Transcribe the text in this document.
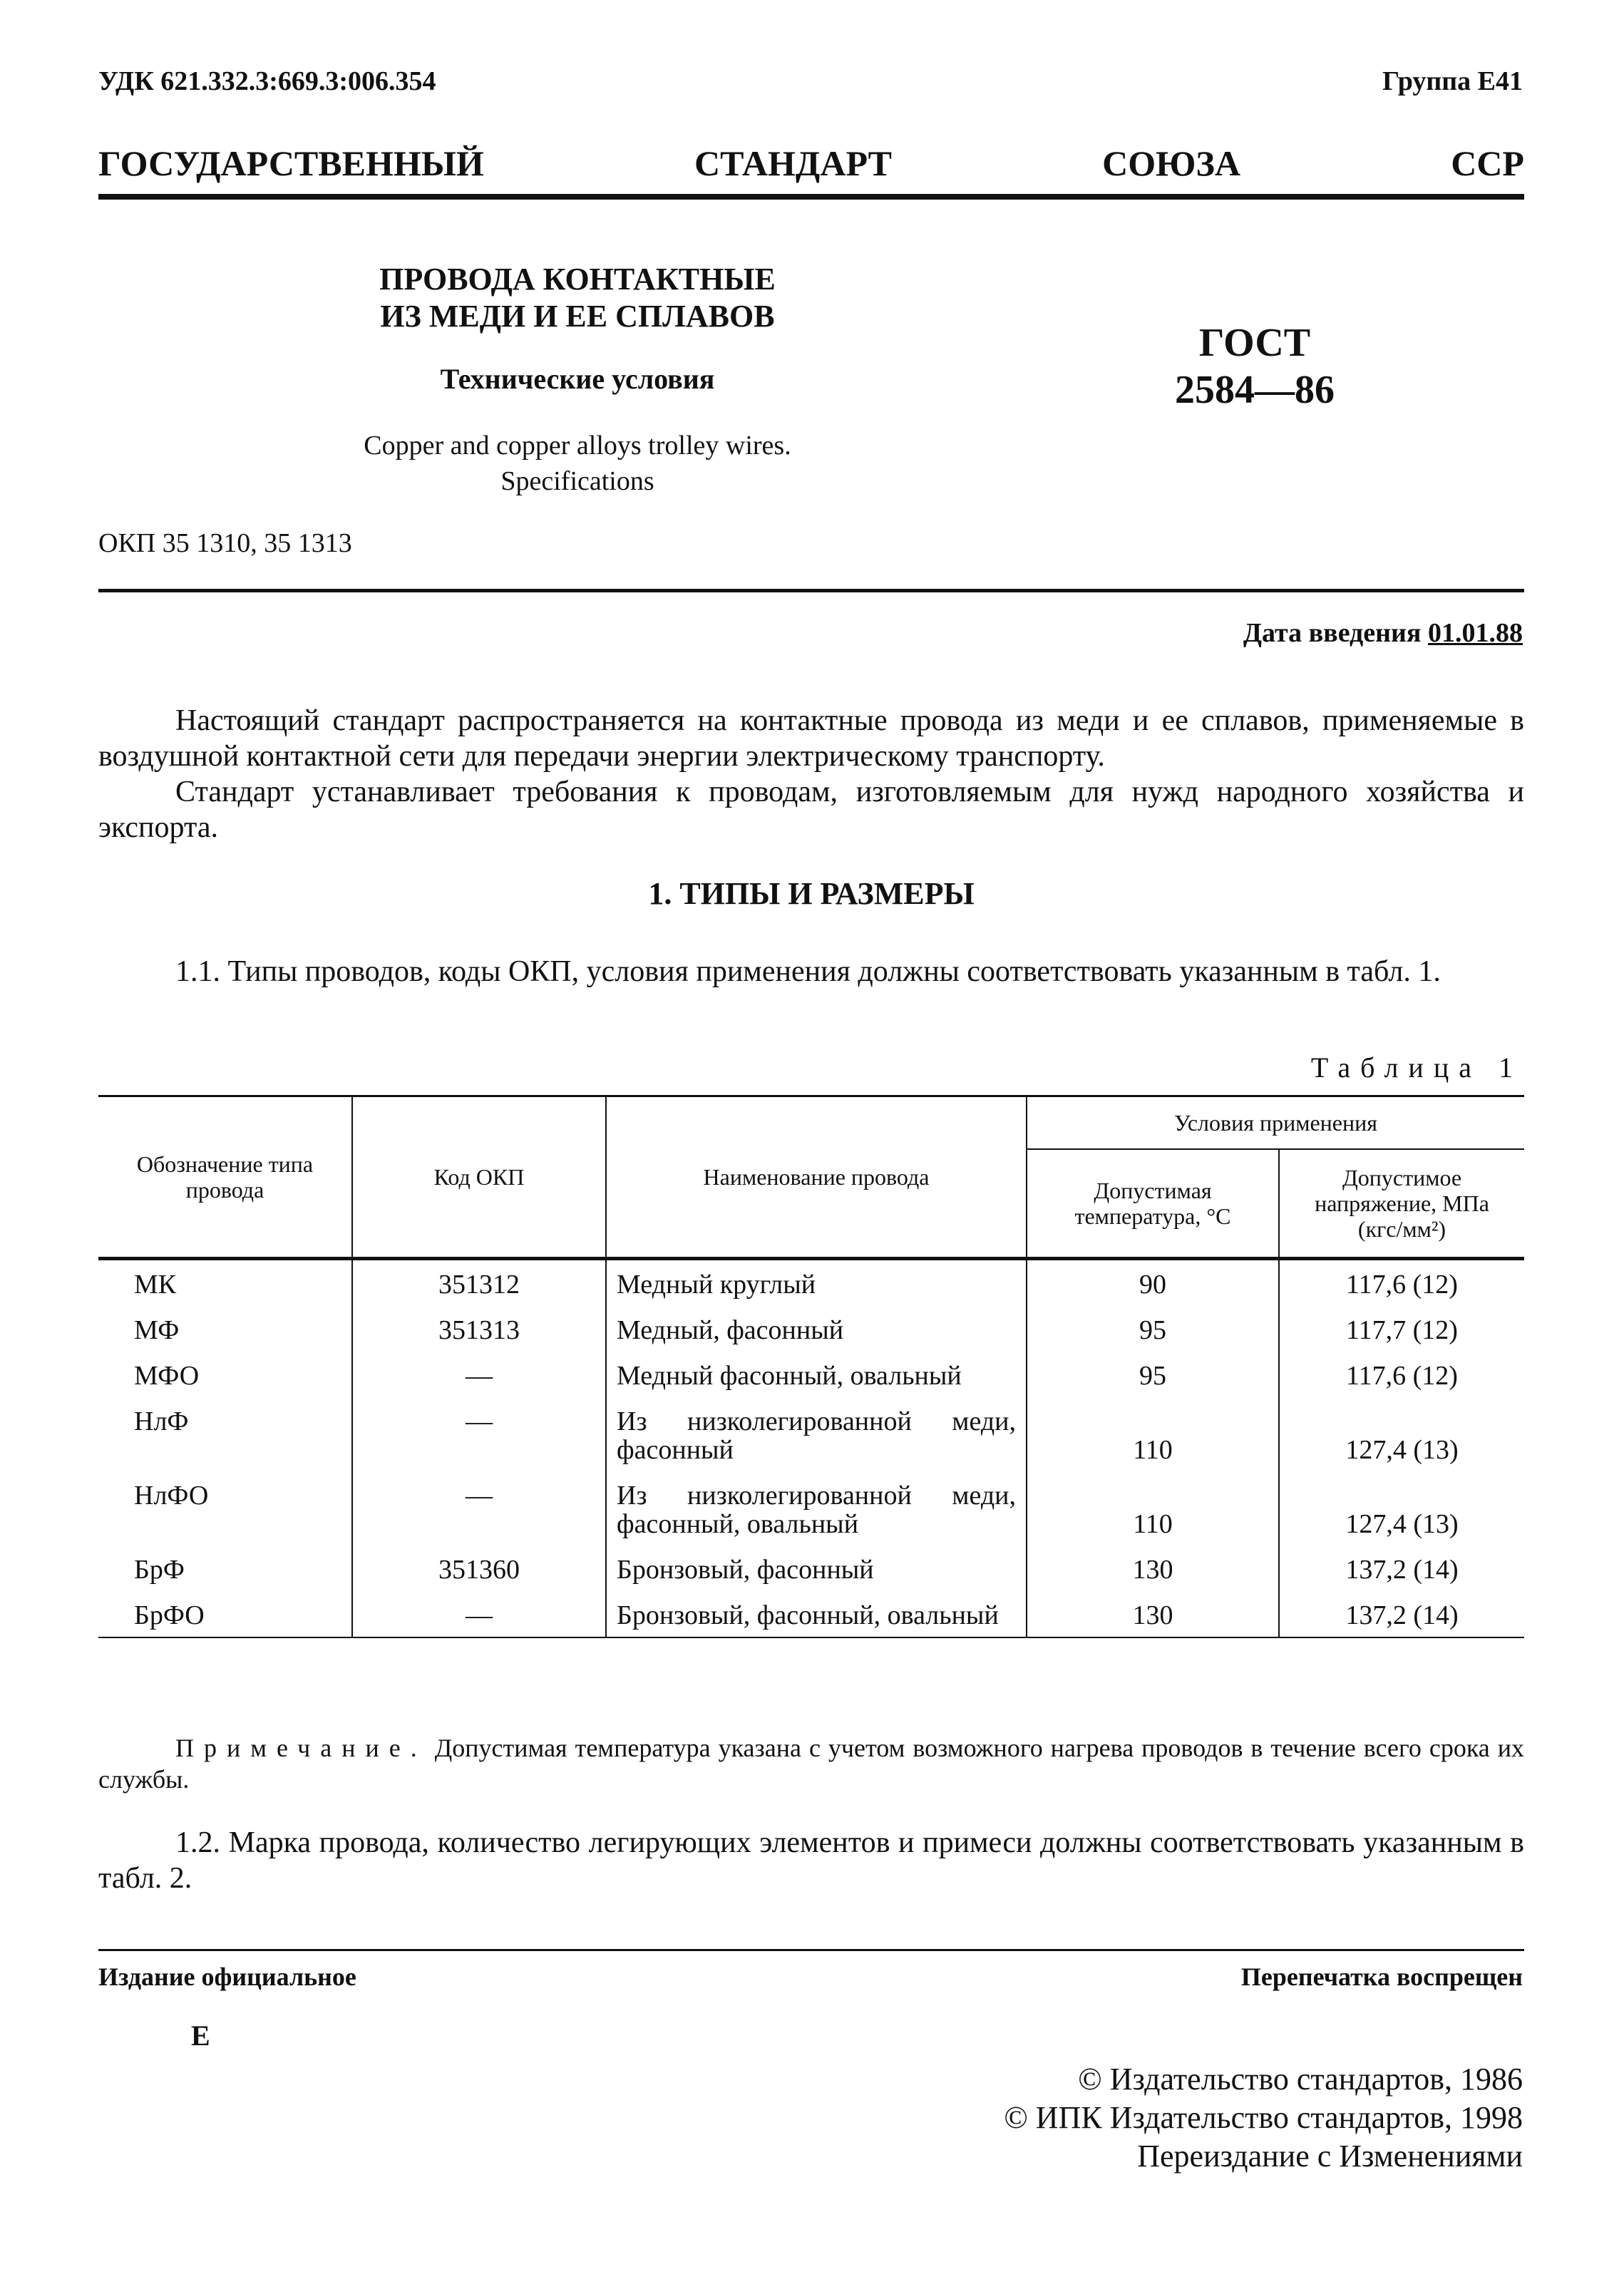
УДК 621.332.3:669.3:006.354	Группа Е41
ГОСУДАРСТВЕННЫЙ	СТАНДАРТ	СОЮЗА	ССР
ПРОВОДА КОНТАКТНЫЕ
ИЗ МЕДИ И ЕЕ СПЛАВОВ
Технические условия
Copper and copper alloys trolley wires.
Specifications
ГОСТ
2584—86
ОКП 35 1310, 35 1313
Дата введения 01.01.88
Настоящий стандарт распространяется на контактные провода из меди и ее сплавов, применяемые в воздушной контактной сети для передачи энергии электрическому транспорту.
Стандарт устанавливает требования к проводам, изготовляемым для нужд народного хозяйства и экспорта.
1. ТИПЫ И РАЗМЕРЫ
1.1. Типы проводов, коды ОКП, условия применения должны соответствовать указанным в табл. 1.
Таблица 1
Обозначение типа провода	Код ОКП	Наименование провода	Условия применения	
			Допустимая температура, °С	Допустимое напряжение, МПа
(кгс/мм²)

МК	351312	Медный круглый	90	117,6 (12)
МФ	351313	Медный, фасонный	95	117,7 (12)
МФО	—	Медный фасонный, овальный	95	117,6 (12)
НлФ	—	Из низколегированной меди, фасонный	110	127,4 (13)
НлФО	—	Из низколегированной меди, фасонный, овальный	110	127,4 (13)
БрФ	351360	Бронзовый, фасонный	130	137,2 (14)
БрФО	—	Бронзовый, фасонный, овальный	130	137,2 (14)
Примечание. Допустимая температура указана с учетом возможного нагрева проводов в течение всего срока их службы.
1.2. Марка провода, количество легирующих элементов и примеси должны соответствовать указанным в табл. 2.
Издание официальное	Перепечатка воспрещен
Е
© Издательство стандартов, 1986
© ИПК Издательство стандартов, 1998
Переиздание с Изменениями
